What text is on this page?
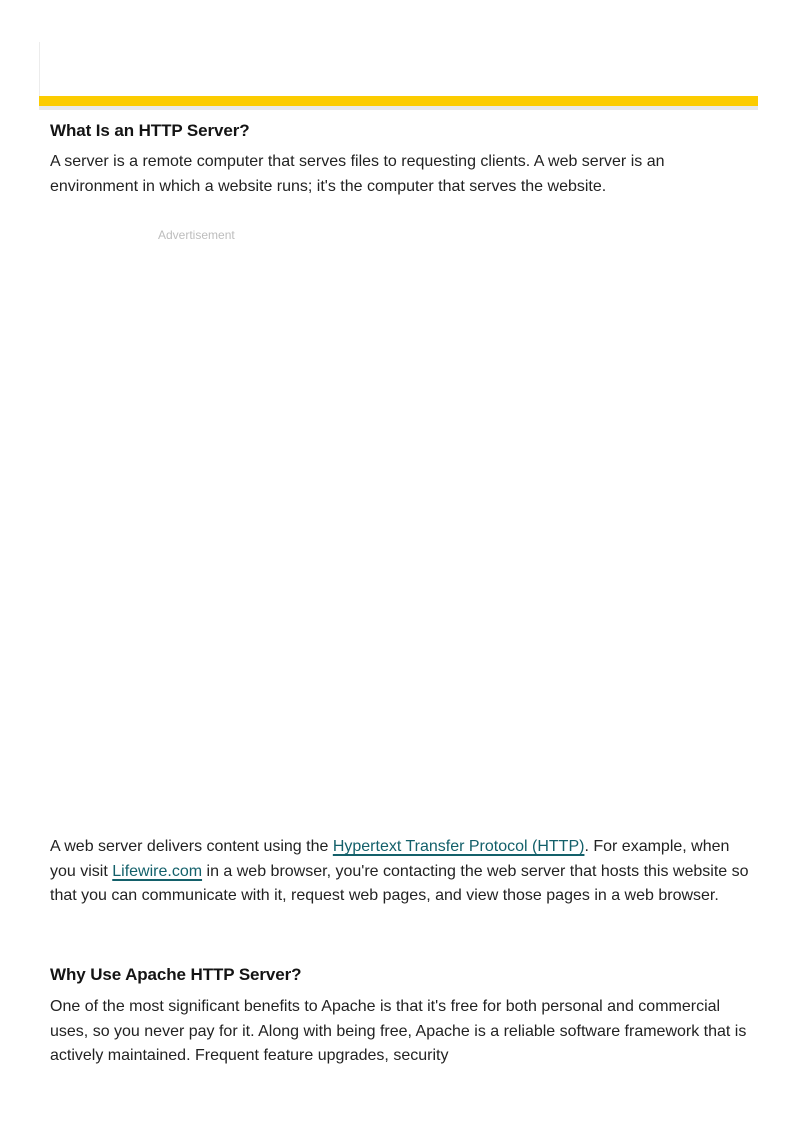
What Is an HTTP Server?

A server is a remote computer that serves files to requesting clients. A web server is an environment in which a website runs; it's the computer that serves the website.

Advertisement

A web server delivers content using the Hypertext Transfer Protocol (HTTP). For example, when you visit Lifewire.com in a web browser, you're contacting the web server that hosts this website so that you can communicate with it, request web pages, and view those pages in a web browser.

Why Use Apache HTTP Server?

One of the most significant benefits to Apache is that it's free for both personal and commercial uses, so you never pay for it. Along with being free, Apache is a reliable software framework that is actively maintained. Frequent feature upgrades, security
